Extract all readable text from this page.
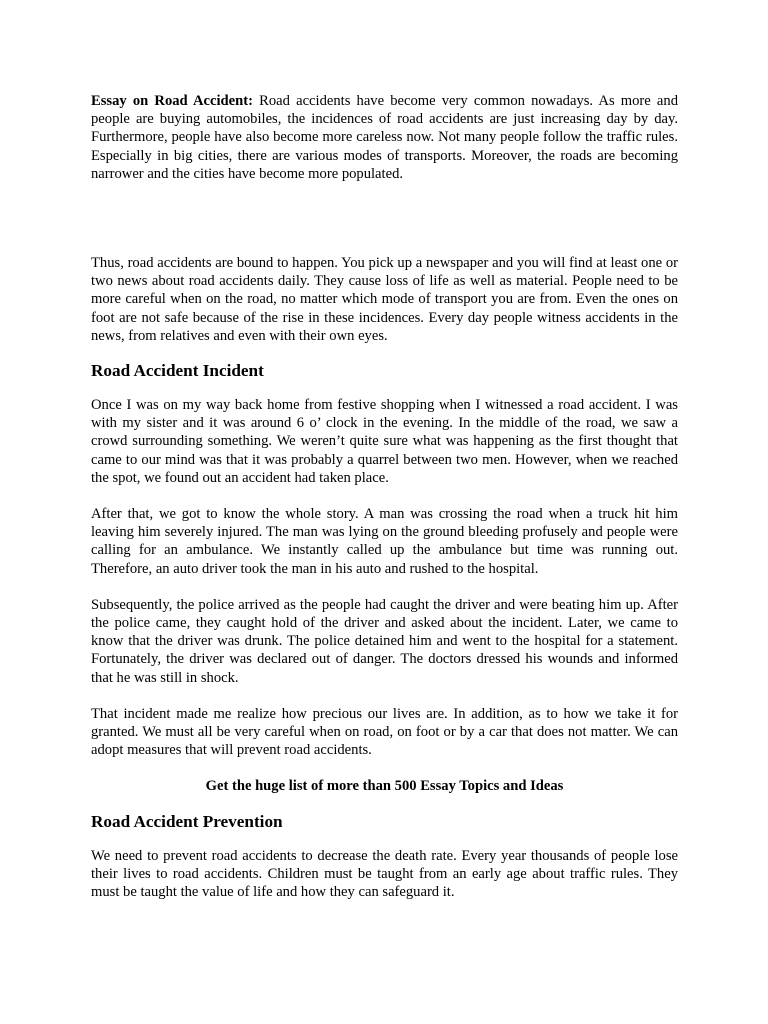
Essay on Road Accident: Road accidents have become very common nowadays. As more and people are buying automobiles, the incidences of road accidents are just increasing day by day. Furthermore, people have also become more careless now. Not many people follow the traffic rules. Especially in big cities, there are various modes of transports. Moreover, the roads are becoming narrower and the cities have become more populated.

Thus, road accidents are bound to happen. You pick up a newspaper and you will find at least one or two news about road accidents daily. They cause loss of life as well as material. People need to be more careful when on the road, no matter which mode of transport you are from. Even the ones on foot are not safe because of the rise in these incidences. Every day people witness accidents in the news, from relatives and even with their own eyes.

Road Accident Incident

Once I was on my way back home from festive shopping when I witnessed a road accident. I was with my sister and it was around 6 o’ clock in the evening. In the middle of the road, we saw a crowd surrounding something. We weren’t quite sure what was happening as the first thought that came to our mind was that it was probably a quarrel between two men. However, when we reached the spot, we found out an accident had taken place.

After that, we got to know the whole story. A man was crossing the road when a truck hit him leaving him severely injured. The man was lying on the ground bleeding profusely and people were calling for an ambulance. We instantly called up the ambulance but time was running out. Therefore, an auto driver took the man in his auto and rushed to the hospital.

Subsequently, the police arrived as the people had caught the driver and were beating him up. After the police came, they caught hold of the driver and asked about the incident. Later, we came to know that the driver was drunk. The police detained him and went to the hospital for a statement. Fortunately, the driver was declared out of danger. The doctors dressed his wounds and informed that he was still in shock.

That incident made me realize how precious our lives are. In addition, as to how we take it for granted. We must all be very careful when on road, on foot or by a car that does not matter. We can adopt measures that will prevent road accidents.

Get the huge list of more than 500 Essay Topics and Ideas

Road Accident Prevention

We need to prevent road accidents to decrease the death rate. Every year thousands of people lose their lives to road accidents. Children must be taught from an early age about traffic rules. They must be taught the value of life and how they can safeguard it.
